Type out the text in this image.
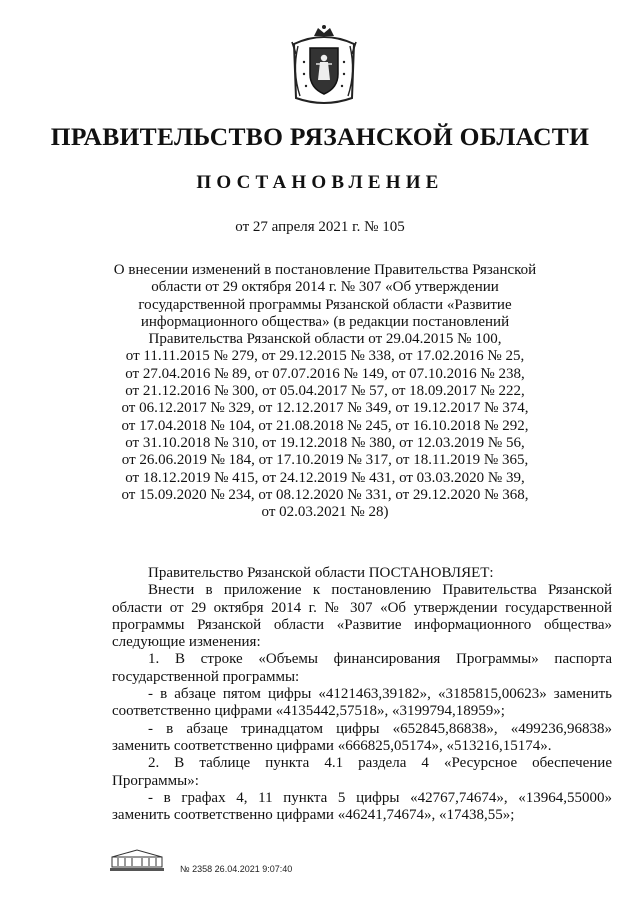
ПРАВИТЕЛЬСТВО РЯЗАНСКОЙ ОБЛАСТИ
ПОСТАНОВЛЕНИЕ
от 27 апреля 2021 г. № 105
О внесении изменений в постановление Правительства Рязанской
области от 29 октября 2014 г. № 307 «Об утверждении
государственной программы Рязанской области «Развитие
информационного общества» (в редакции постановлений
Правительства Рязанской области от 29.04.2015 № 100,
от 11.11.2015 № 279, от 29.12.2015 № 338, от 17.02.2016 № 25,
от 27.04.2016 № 89, от 07.07.2016 № 149, от 07.10.2016 № 238,
от 21.12.2016 № 300, от 05.04.2017 № 57, от 18.09.2017 № 222,
от 06.12.2017 № 329, от 12.12.2017 № 349, от 19.12.2017 № 374,
от 17.04.2018 № 104, от 21.08.2018 № 245, от 16.10.2018 № 292,
от 31.10.2018 № 310, от 19.12.2018 № 380, от 12.03.2019 № 56,
от 26.06.2019 № 184, от 17.10.2019 № 317, от 18.11.2019 № 365,
от 18.12.2019 № 415, от 24.12.2019 № 431, от 03.03.2020 № 39,
от 15.09.2020 № 234, от 08.12.2020 № 331, от 29.12.2020 № 368,
от 02.03.2021 № 28)
Правительство Рязанской области ПОСТАНОВЛЯЕТ:
Внести в приложение к постановлению Правительства Рязанской
области от 29 октября 2014 г. № 307 «Об утверждении государственной
программы Рязанской области «Развитие информационного общества»
следующие изменения:
1. В строке «Объемы финансирования Программы» паспорта
государственной программы:
- в абзаце пятом цифры «4121463,39182», «3185815,00623» заменить
соответственно цифрами «4135442,57518», «3199794,18959»;
- в абзаце тринадцатом цифры «652845,86838», «499236,96838»
заменить соответственно цифрами «666825,05174», «513216,15174».
2. В таблице пункта 4.1 раздела 4 «Ресурсное обеспечение
Программы»:
- в графах 4, 11 пункта 5 цифры «42767,74674», «13964,55000»
заменить соответственно цифрами «46241,74674», «17438,55»;
№ 2358 26.04.2021 9:07:40
